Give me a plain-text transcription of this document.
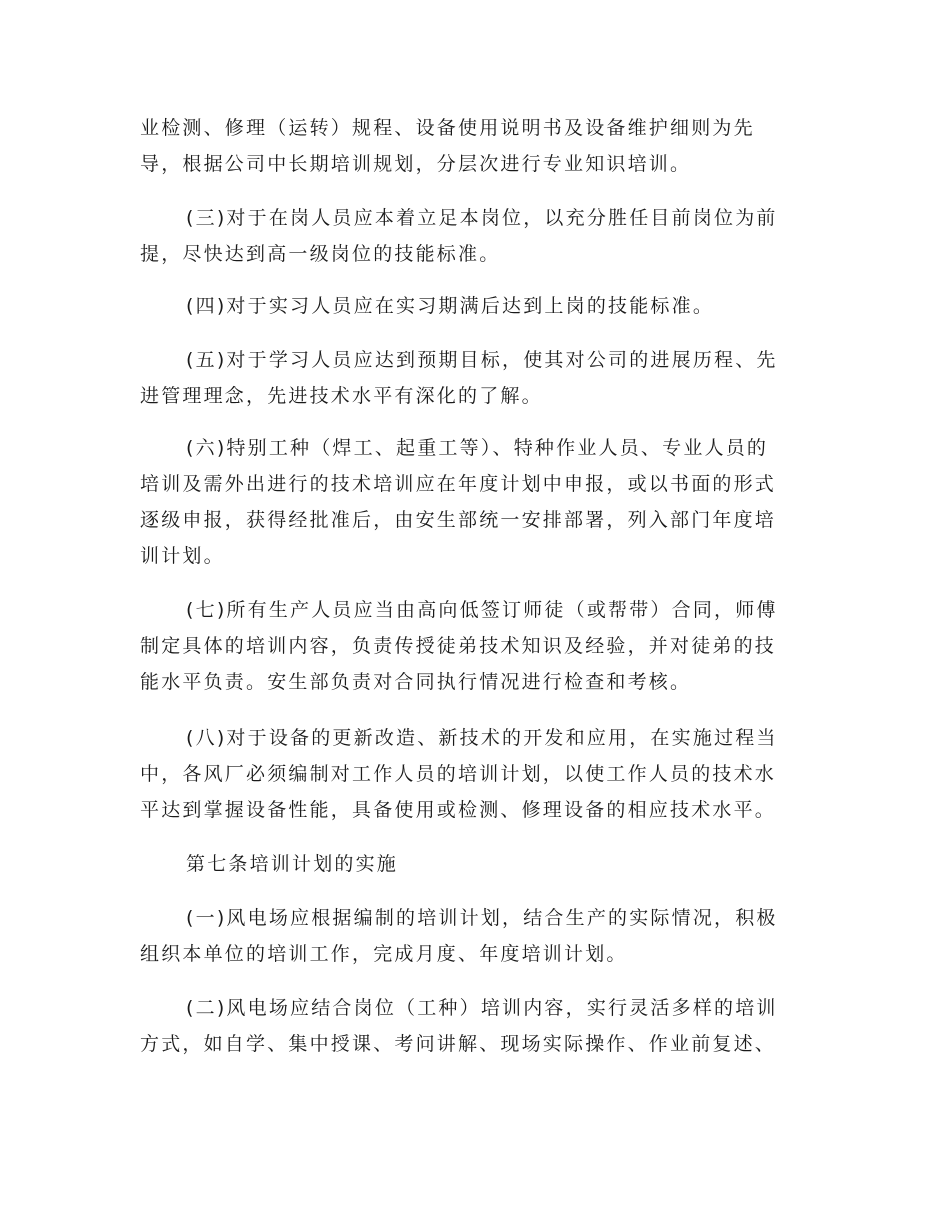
业检测、修理（运转）规程、设备使用说明书及设备维护细则为先
导，根据公司中长期培训规划，分层次进行专业知识培训。
(三)对于在岗人员应本着立足本岗位，以充分胜任目前岗位为前
提，尽快达到高一级岗位的技能标准。
(四)对于实习人员应在实习期满后达到上岗的技能标准。
(五)对于学习人员应达到预期目标，使其对公司的进展历程、先
进管理理念，先进技术水平有深化的了解。
(六)特别工种（焊工、起重工等）、特种作业人员、专业人员的
培训及需外出进行的技术培训应在年度计划中申报，或以书面的形式
逐级申报，获得经批准后，由安生部统一安排部署，列入部门年度培
训计划。
(七)所有生产人员应当由高向低签订师徒（或帮带）合同，师傅
制定具体的培训内容，负责传授徒弟技术知识及经验，并对徒弟的技
能水平负责。安生部负责对合同执行情况进行检查和考核。
(八)对于设备的更新改造、新技术的开发和应用，在实施过程当
中，各风厂必须编制对工作人员的培训计划，以使工作人员的技术水
平达到掌握设备性能，具备使用或检测、修理设备的相应技术水平。
第七条培训计划的实施
(一)风电场应根据编制的培训计划，结合生产的实际情况，积极
组织本单位的培训工作，完成月度、年度培训计划。
(二)风电场应结合岗位（工种）培训内容，实行灵活多样的培训
方式，如自学、集中授课、考问讲解、现场实际操作、作业前复述、
